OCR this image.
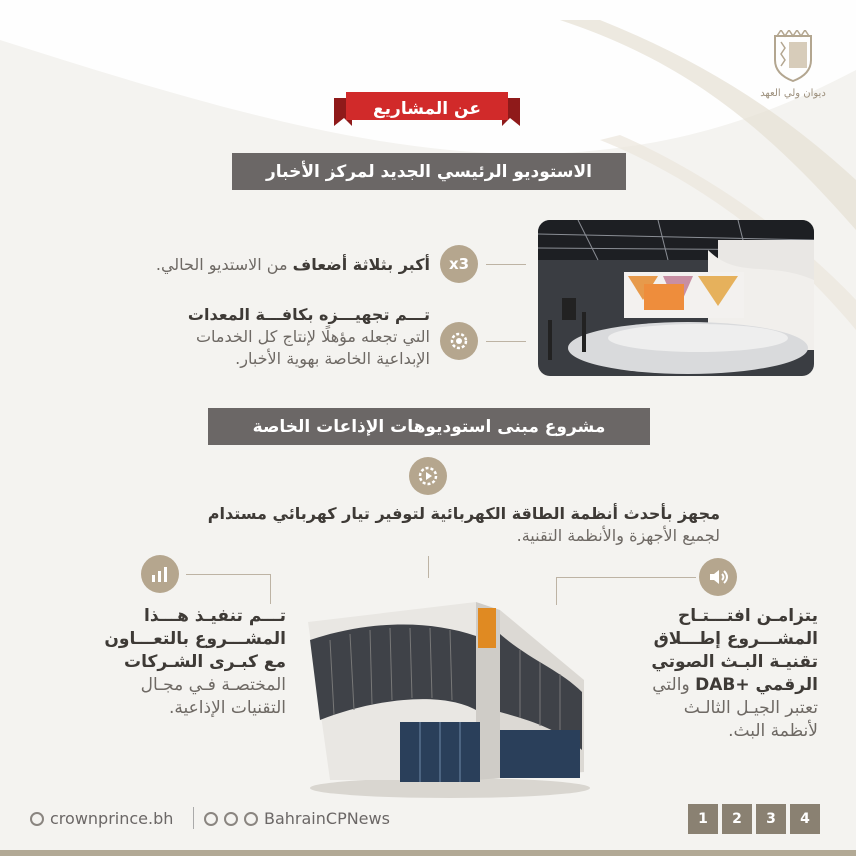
ديوان ولي العهد
عن المشاريع
الاستوديو الرئيسي الجديد لمركز الأخبار
x3
أكبر بثلاثة أضعاف من الاستديو الحالي.
تـــم تجهيـــزه بكافـــة المعدات
التي تجعله مؤهلًا لإنتاج كل الخدمات
الإبداعية الخاصة بهوية الأخبار.
مشروع مبنى استوديوهات الإذاعات الخاصة
مجهز بأحدث أنظمة الطاقة الكهربائية لتوفير تيار كهربائي مستدام
لجميع الأجهزة والأنظمة التقنية.
تـــم تنفيـذ هـــذا
المشـــروع بالتعـــاون
مع كبـرى الشـركات
المختصـة فـي مجـال
التقنيات الإذاعية.
يتزامـن افتـــتـاح
المشـــروع إطـــلاق
تقنيـة البـث الصوتي
الرقمي +DAB والتي
تعتبر الجيـل الثالـث
لأنظمة البث.
crownprince.bh	BahrainCPNews	1	2	3	4
